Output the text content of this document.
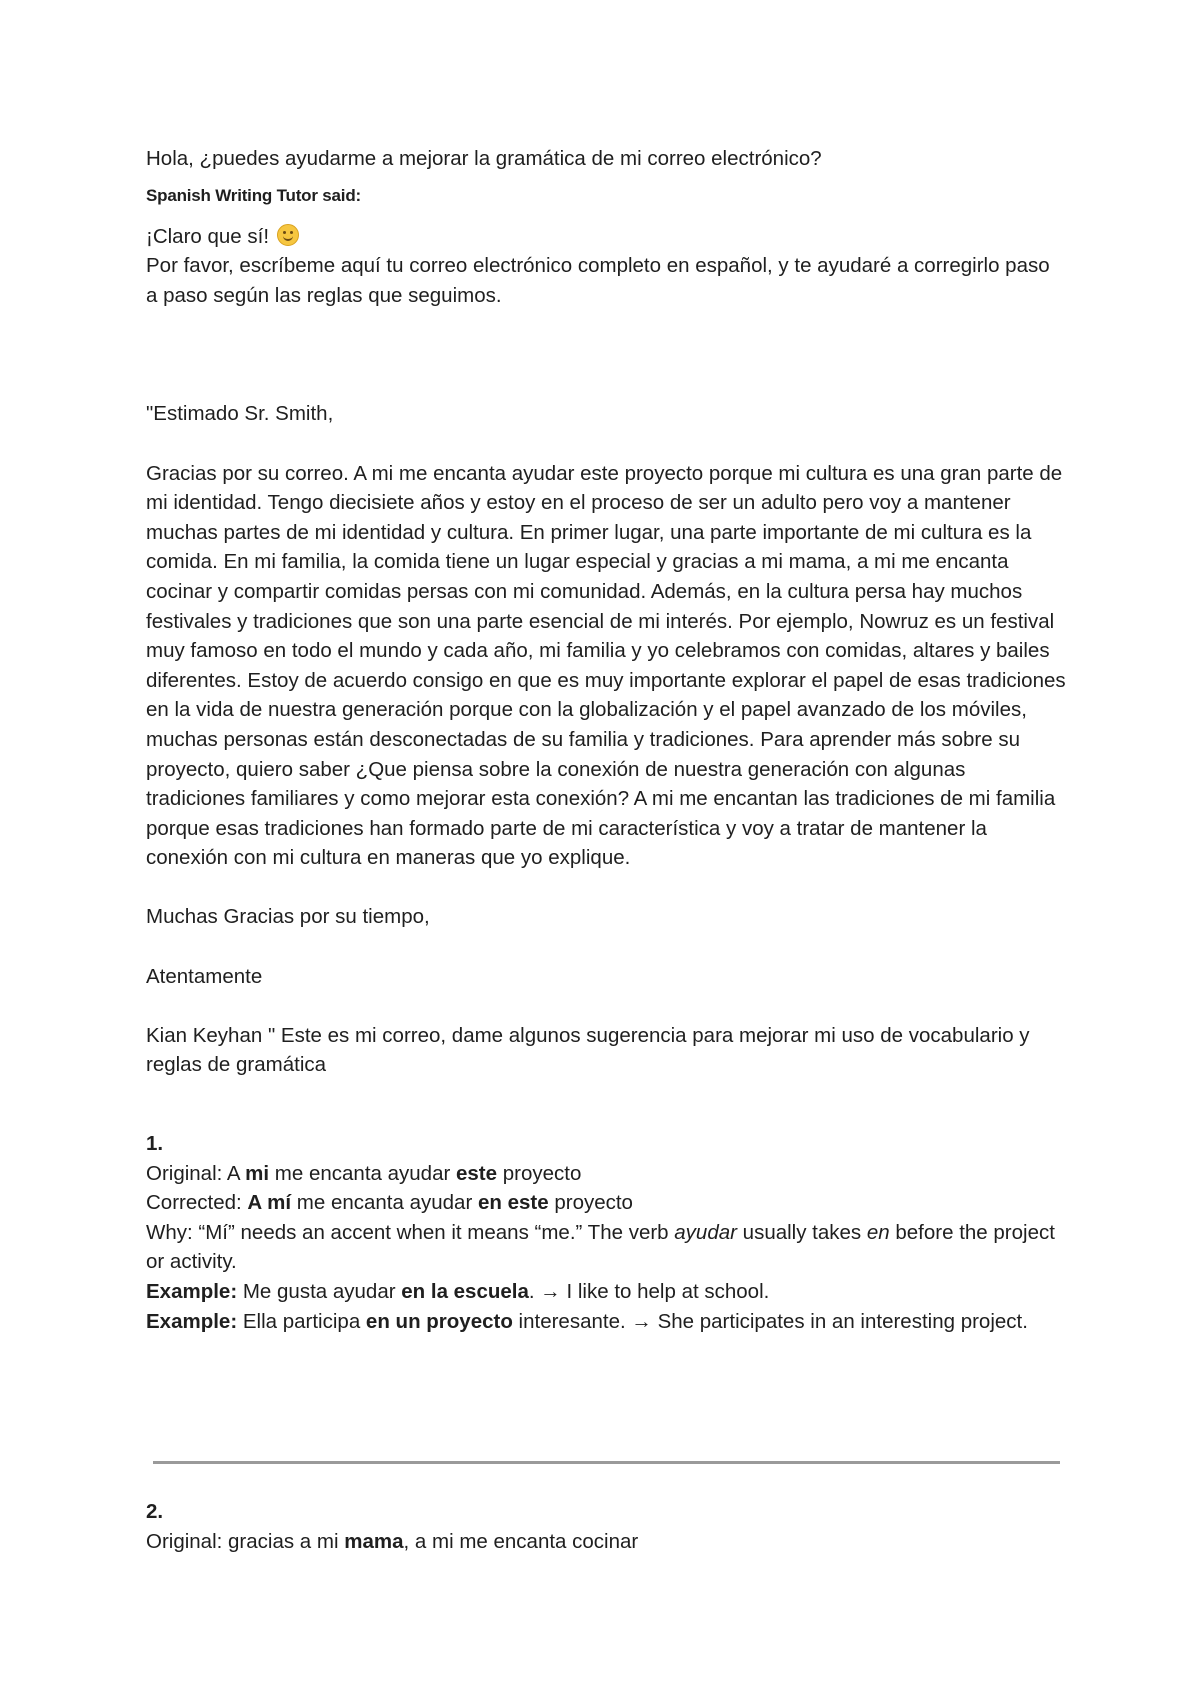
Hola, ¿puedes ayudarme a mejorar la gramática de mi correo electrónico?

Spanish Writing Tutor said:

¡Claro que sí!

Por favor, escríbeme aquí tu correo electrónico completo en español, y te ayudaré a corregirlo paso a paso según las reglas que seguimos.

"Estimado Sr. Smith,

Gracias por su correo. A mi me encanta ayudar este proyecto porque mi cultura es una gran parte de mi identidad. Tengo diecisiete años y estoy en el proceso de ser un adulto pero voy a mantener muchas partes de mi identidad y cultura. En primer lugar, una parte importante de mi cultura es la comida. En mi familia, la comida tiene un lugar especial y gracias a mi mama, a mi me encanta cocinar y compartir comidas persas con mi comunidad. Además, en la cultura persa hay muchos festivales y tradiciones que son una parte esencial de mi interés. Por ejemplo, Nowruz es un festival muy famoso en todo el mundo y cada año, mi familia y yo celebramos con comidas, altares y bailes diferentes. Estoy de acuerdo consigo en que es muy importante explorar el papel de esas tradiciones en la vida de nuestra generación porque con la globalización y el papel avanzado de los móviles, muchas personas están desconectadas de su familia y tradiciones. Para aprender más sobre su proyecto, quiero saber ¿Que piensa sobre la conexión de nuestra generación con algunas tradiciones familiares y como mejorar esta conexión? A mi me encantan las tradiciones de mi familia porque esas tradiciones han formado parte de mi característica y voy a tratar de mantener la conexión con mi cultura en maneras que yo explique.

Muchas Gracias por su tiempo,

Atentamente

Kian Keyhan " Este es mi correo, dame algunos sugerencia para mejorar mi uso de vocabulario y reglas de gramática

1.

Original: A mi me encanta ayudar este proyecto

Corrected: A mí me encanta ayudar en este proyecto

Why: “Mí” needs an accent when it means “me.” The verb ayudar usually takes en before the project or activity.

Example: Me gusta ayudar en la escuela. → I like to help at school.

Example: Ella participa en un proyecto interesante. → She participates in an interesting project.

2.

Original: gracias a mi mama, a mi me encanta cocinar
